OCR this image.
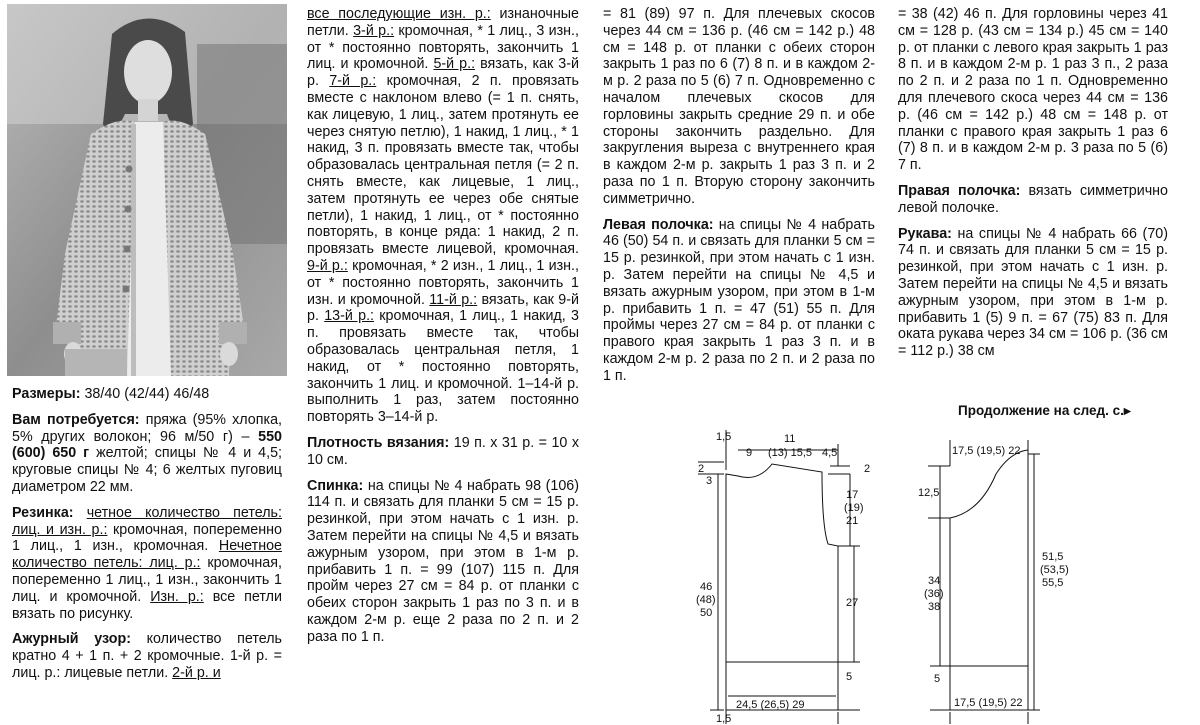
Размеры: 38/40 (42/44) 46/48

Вам потребуется: пряжа (95% хлопка, 5% других волокон; 96 м/50 г) – 550 (600) 650 г желтой; спицы № 4 и 4,5; круговые спицы № 4; 6 желтых пуговиц диаметром 22 мм.

Резинка: четное количество петель: лиц. и изн. р.: кромочная, попеременно 1 лиц., 1 изн., кромочная. Нечетное количество петель: лиц. р.: кромочная, попеременно 1 лиц., 1 изн., закончить 1 лиц. и кромочной. Изн. р.: все петли вязать по рисунку.

Ажурный узор: количество петель кратно 4 + 1 п. + 2 кромочные. 1-й р. = лиц. р.: лицевые петли. 2-й р. и

все последующие изн. р.: изнаночные петли. 3-й р.: кромочная, * 1 лиц., 3 изн., от * постоянно повторять, закончить 1 лиц. и кромочной. 5-й р.: вязать, как 3-й р. 7-й р.: кромочная, 2 п. провязать вместе с наклоном влево (= 1 п. снять, как лицевую, 1 лиц., затем протянуть ее через снятую петлю), 1 накид, 1 лиц., * 1 накид, 3 п. провязать вместе так, чтобы образовалась центральная петля (= 2 п. снять вместе, как лицевые, 1 лиц., затем протянуть ее через обе снятые петли), 1 накид, 1 лиц., от * постоянно повторять, в конце ряда: 1 накид, 2 п. провязать вместе лицевой, кромочная. 9-й р.: кромочная, * 2 изн., 1 лиц., 1 изн., от * постоянно повторять, закончить 1 изн. и кромочной. 11-й р.: вязать, как 9-й р. 13-й р.: кромочная, 1 лиц., 1 накид, 3 п. провязать вместе так, чтобы образовалась центральная петля, 1 накид, от * постоянно повторять, закончить 1 лиц. и кромочной. 1–14-й р. выполнить 1 раз, затем постоянно повторять 3–14-й р.

Плотность вязания: 19 п. х 31 р. = 10 х 10 см.

Спинка: на спицы № 4 набрать 98 (106) 114 п. и связать для планки 5 см = 15 р. резинкой, при этом начать с 1 изн. р. Затем перейти на спицы № 4,5 и вязать ажурным узором, при этом в 1-м р. прибавить 1 п. = 99 (107) 115 п. Для пройм через 27 см = 84 р. от планки с обеих сторон закрыть 1 раз по 3 п. и в каждом 2-м р. еще 2 раза по 2 п. и 2 раза по 1 п.

= 81 (89) 97 п. Для плечевых скосов через 44 см = 136 р. (46 см = 142 р.) 48 см = 148 р. от планки с обеих сторон закрыть 1 раз по 6 (7) 8 п. и в каждом 2-м р. 2 раза по 5 (6) 7 п. Одновременно с началом плечевых скосов для горловины закрыть средние 29 п. и обе стороны закончить раздельно. Для закругления выреза с внутреннего края в каждом 2-м р. закрыть 1 раз 3 п. и 2 раза по 1 п. Вторую сторону закончить симметрично.

Левая полочка: на спицы № 4 набрать 46 (50) 54 п. и связать для планки 5 см = 15 р. резинкой, при этом начать с 1 изн. р. Затем перейти на спицы № 4,5 и вязать ажурным узором, при этом в 1-м р. прибавить 1 п. = 47 (51) 55 п. Для проймы через 27 см = 84 р. от планки с правого края закрыть 1 раз 3 п. и в каждом 2-м р. 2 раза по 2 п. и 2 раза по 1 п.

= 38 (42) 46 п. Для горловины через 41 см = 128 р. (43 см = 134 р.) 45 см = 140 р. от планки с левого края закрыть 1 раз 8 п. и в каждом 2-м р. 1 раз 3 п., 2 раза по 2 п. и 2 раза по 1 п. Одновременно для плечевого скоса через 44 см = 136 р. (46 см = 142 р.) 48 см = 148 р. от планки с правого края закрыть 1 раз 6 (7) 8 п. и в каждом 2-м р. 3 раза по 5 (6) 7 п.

Правая полочка: вязать симметрично левой полочке.

Рукава: на спицы № 4 набрать 66 (70) 74 п. и связать для планки 5 см = 15 р. резинкой, при этом начать с 1 изн. р. Затем перейти на спицы № 4,5 и вязать ажурным узором, при этом в 1-м р. прибавить 1 (5) 9 п. = 67 (75) 83 п. Для оката рукава через 34 см = 106 р. (36 см = 112 р.) 38 см

Продолжение на след. с.▸
1,5
9
11
(13) 15,5 4,5
2
3
2
17
(19)
21
46
(48)
50
27
5
24,5 (26,5) 29
1,5
17,5 (19,5) 22
12,5
51,5
(53,5)
55,5
34
(36)
38
5
17,5 (19,5) 22
